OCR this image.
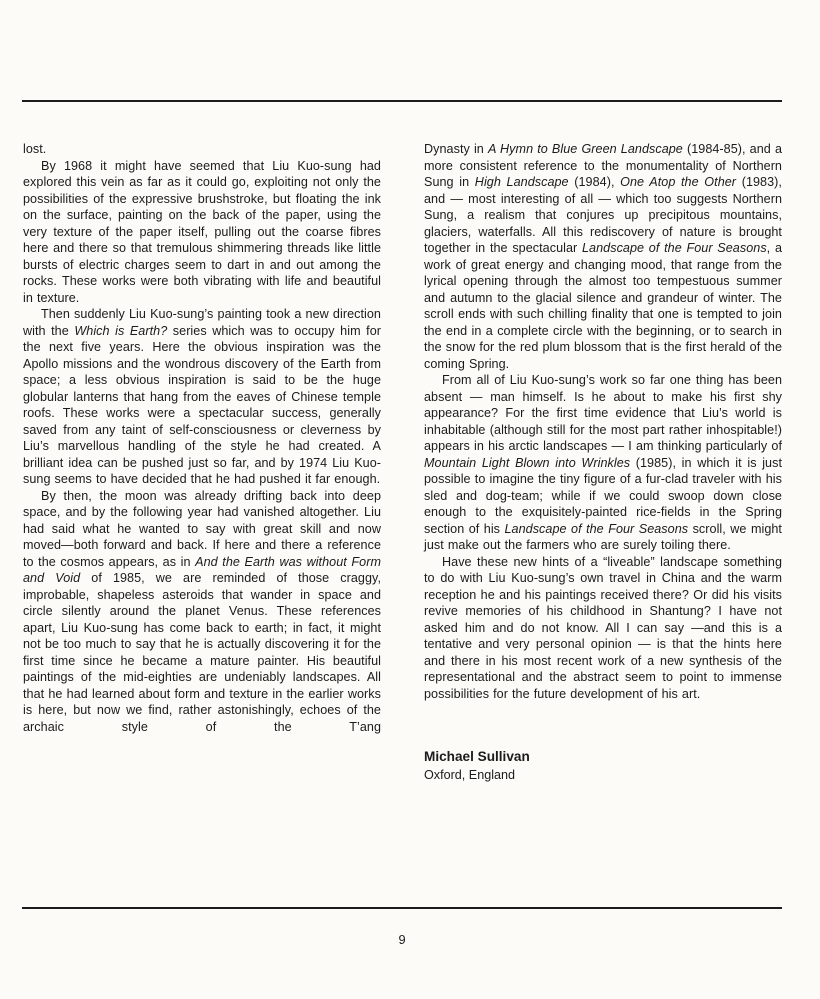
lost.

By 1968 it might have seemed that Liu Kuo-sung had explored this vein as far as it could go, exploiting not only the possibilities of the expressive brushstroke, but floating the ink on the surface, painting on the back of the paper, using the very texture of the paper itself, pulling out the coarse fibres here and there so that tremulous shimmering threads like little bursts of electric charges seem to dart in and out among the rocks. These works were both vibrating with life and beautiful in texture.

Then suddenly Liu Kuo-sung’s painting took a new direction with the Which is Earth? series which was to occupy him for the next five years. Here the obvious inspiration was the Apollo missions and the wondrous discovery of the Earth from space; a less obvious inspiration is said to be the huge globular lanterns that hang from the eaves of Chinese temple roofs. These works were a spectacular success, generally saved from any taint of self-consciousness or cleverness by Liu’s marvellous handling of the style he had created. A brilliant idea can be pushed just so far, and by 1974 Liu Kuo-sung seems to have decided that he had pushed it far enough.

By then, the moon was already drifting back into deep space, and by the following year had vanished altogether. Liu had said what he wanted to say with great skill and now moved—both forward and back. If here and there a reference to the cosmos appears, as in And the Earth was without Form and Void of 1985, we are reminded of those craggy, improbable, shapeless asteroids that wander in space and circle silently around the planet Venus. These references apart, Liu Kuo-sung has come back to earth; in fact, it might not be too much to say that he is actually discovering it for the first time since he became a mature painter. His beautiful paintings of the mid-eighties are undeniably landscapes. All that he had learned about form and texture in the earlier works is here, but now we find, rather astonishingly, echoes of the archaic style of the T’ang

Dynasty in A Hymn to Blue Green Landscape (1984-85), and a more consistent reference to the monumentality of Northern Sung in High Landscape (1984), One Atop the Other (1983), and — most interesting of all — which too suggests Northern Sung, a realism that conjures up precipitous mountains, glaciers, waterfalls. All this rediscovery of nature is brought together in the spectacular Landscape of the Four Seasons, a work of great energy and changing mood, that range from the lyrical opening through the almost too tempestuous summer and autumn to the glacial silence and grandeur of winter. The scroll ends with such chilling finality that one is tempted to join the end in a complete circle with the beginning, or to search in the snow for the red plum blossom that is the first herald of the coming Spring.

From all of Liu Kuo-sung’s work so far one thing has been absent — man himself. Is he about to make his first shy appearance? For the first time evidence that Liu’s world is inhabitable (although still for the most part rather inhospitable!) appears in his arctic landscapes — I am thinking particularly of Mountain Light Blown into Wrinkles (1985), in which it is just possible to imagine the tiny figure of a fur-clad traveler with his sled and dog-team; while if we could swoop down close enough to the exquisitely-painted rice-fields in the Spring section of his Landscape of the Four Seasons scroll, we might just make out the farmers who are surely toiling there.

Have these new hints of a “liveable” landscape something to do with Liu Kuo-sung’s own travel in China and the warm reception he and his paintings received there? Or did his visits revive memories of his childhood in Shantung? I have not asked him and do not know. All I can say —and this is a tentative and very personal opinion — is that the hints here and there in his most recent work of a new synthesis of the representational and the abstract seem to point to immense possibilities for the future development of his art.

Michael Sullivan
Oxford, England
9
